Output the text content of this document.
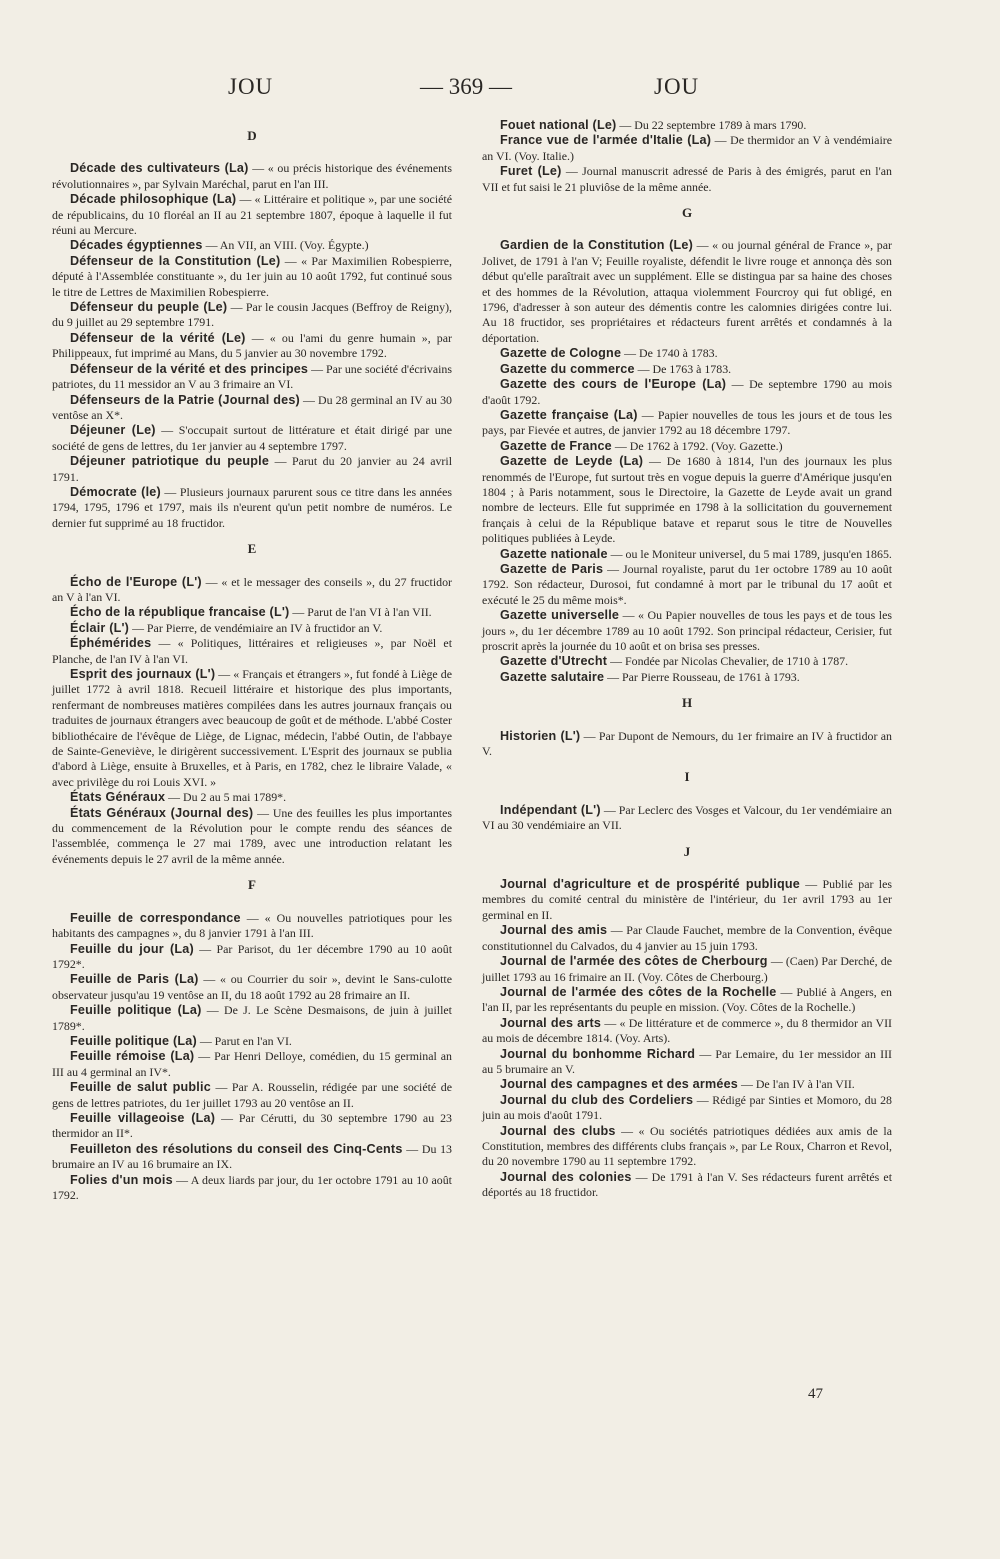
JOU	— 369 —	JOU
D

Décade des cultivateurs (La) — « ou précis historique des événements révolutionnaires », par Sylvain Maréchal, parut en l'an III.

Décade philosophique (La) — « Littéraire et politique », par une société de républicains, du 10 floréal an II au 21 septembre 1807, époque à laquelle il fut réuni au Mercure.

Décades égyptiennes — An VII, an VIII. (Voy. Égypte.)

Défenseur de la Constitution (Le) — « Par Maximilien Robespierre, député à l'Assemblée constituante », du 1er juin au 10 août 1792, fut continué sous le titre de Lettres de Maximilien Robespierre.

Défenseur du peuple (Le) — Par le cousin Jacques (Beffroy de Reigny), du 9 juillet au 29 septembre 1791.

Défenseur de la vérité (Le) — « ou l'ami du genre humain », par Philippeaux, fut imprimé au Mans, du 5 janvier au 30 novembre 1792.

Défenseur de la vérité et des principes — Par une société d'écrivains patriotes, du 11 messidor an V au 3 frimaire an VI.

Défenseurs de la Patrie (Journal des) — Du 28 germinal an IV au 30 ventôse an X*.

Déjeuner (Le) — S'occupait surtout de littérature et était dirigé par une société de gens de lettres, du 1er janvier au 4 septembre 1797.

Déjeuner patriotique du peuple — Parut du 20 janvier au 24 avril 1791.

Démocrate (le) — Plusieurs journaux parurent sous ce titre dans les années 1794, 1795, 1796 et 1797, mais ils n'eurent qu'un petit nombre de numéros. Le dernier fut supprimé au 18 fructidor.

E

Écho de l'Europe (L') — « et le messager des conseils », du 27 fructidor an V à l'an VI.

Écho de la république francaise (L') — Parut de l'an VI à l'an VII.

Éclair (L') — Par Pierre, de vendémiaire an IV à fructidor an V.

Éphémérides — « Politiques, littéraires et religieuses », par Noël et Planche, de l'an IV à l'an VI.

Esprit des journaux (L') — « Français et étrangers », fut fondé à Liège de juillet 1772 à avril 1818. Recueil littéraire et historique des plus importants, renfermant de nombreuses matières compilées dans les autres journaux français ou traduites de journaux étrangers avec beaucoup de goût et de méthode. L'abbé Coster bibliothécaire de l'évêque de Liège, de Lignac, médecin, l'abbé Outin, de l'abbaye de Sainte-Geneviève, le dirigèrent successivement. L'Esprit des journaux se publia d'abord à Liège, ensuite à Bruxelles, et à Paris, en 1782, chez le libraire Valade, « avec privilège du roi Louis XVI. »

États Généraux — Du 2 au 5 mai 1789*.

États Généraux (Journal des) — Une des feuilles les plus importantes du commencement de la Révolution pour le compte rendu des séances de l'assemblée, commença le 27 mai 1789, avec une introduction relatant les événements depuis le 27 avril de la même année.

F

Feuille de correspondance — « Ou nouvelles patriotiques pour les habitants des campagnes », du 8 janvier 1791 à l'an III.

Feuille du jour (La) — Par Parisot, du 1er décembre 1790 au 10 août 1792*.

Feuille de Paris (La) — « ou Courrier du soir », devint le Sans-culotte observateur jusqu'au 19 ventôse an II, du 18 août 1792 au 28 frimaire an II.

Feuille politique (La) — De J. Le Scène Desmaisons, de juin à juillet 1789*.

Feuille politique (La) — Parut en l'an VI.

Feuille rémoise (La) — Par Henri Delloye, comédien, du 15 germinal an III au 4 germinal an IV*.

Feuille de salut public — Par A. Rousselin, rédigée par une société de gens de lettres patriotes, du 1er juillet 1793 au 20 ventôse an II.

Feuille villageoise (La) — Par Cérutti, du 30 septembre 1790 au 23 thermidor an II*.

Feuilleton des résolutions du conseil des Cinq-Cents — Du 13 brumaire an IV au 16 brumaire an IX.

Folies d'un mois — A deux liards par jour, du 1er octobre 1791 au 10 août 1792.

Fouet national (Le) — Du 22 septembre 1789 à mars 1790.

France vue de l'armée d'Italie (La) — De thermidor an V à vendémiaire an VI. (Voy. Italie.)

Furet (Le) — Journal manuscrit adressé de Paris à des émigrés, parut en l'an VII et fut saisi le 21 pluviôse de la même année.

G

Gardien de la Constitution (Le) — « ou journal général de France », par Jolivet, de 1791 à l'an V; Feuille royaliste, défendit le livre rouge et annonça dès son début qu'elle paraîtrait avec un supplément. Elle se distingua par sa haine des choses et des hommes de la Révolution, attaqua violemment Fourcroy qui fut obligé, en 1796, d'adresser à son auteur des démentis contre les calomnies dirigées contre lui. Au 18 fructidor, ses propriétaires et rédacteurs furent arrêtés et condamnés à la déportation.

Gazette de Cologne — De 1740 à 1783.

Gazette du commerce — De 1763 à 1783.

Gazette des cours de l'Europe (La) — De septembre 1790 au mois d'août 1792.

Gazette française (La) — Papier nouvelles de tous les jours et de tous les pays, par Fievée et autres, de janvier 1792 au 18 décembre 1797.

Gazette de France — De 1762 à 1792. (Voy. Gazette.)

Gazette de Leyde (La) — De 1680 à 1814, l'un des journaux les plus renommés de l'Europe, fut surtout très en vogue depuis la guerre d'Amérique jusqu'en 1804 ; à Paris notamment, sous le Directoire, la Gazette de Leyde avait un grand nombre de lecteurs. Elle fut supprimée en 1798 à la sollicitation du gouvernement français à celui de la République batave et reparut sous le titre de Nouvelles politiques publiées à Leyde.

Gazette nationale — ou le Moniteur universel, du 5 mai 1789, jusqu'en 1865.

Gazette de Paris — Journal royaliste, parut du 1er octobre 1789 au 10 août 1792. Son rédacteur, Durosoi, fut condamné à mort par le tribunal du 17 août et exécuté le 25 du même mois*.

Gazette universelle — « Ou Papier nouvelles de tous les pays et de tous les jours », du 1er décembre 1789 au 10 août 1792. Son principal rédacteur, Cerisier, fut proscrit après la journée du 10 août et on brisa ses presses.

Gazette d'Utrecht — Fondée par Nicolas Chevalier, de 1710 à 1787.

Gazette salutaire — Par Pierre Rousseau, de 1761 à 1793.

H

Historien (L') — Par Dupont de Nemours, du 1er frimaire an IV à fructidor an V.

I

Indépendant (L') — Par Leclerc des Vosges et Valcour, du 1er vendémiaire an VI au 30 vendémiaire an VII.

J

Journal d'agriculture et de prospérité publique — Publié par les membres du comité central du ministère de l'intérieur, du 1er avril 1793 au 1er germinal en II.

Journal des amis — Par Claude Fauchet, membre de la Convention, évêque constitutionnel du Calvados, du 4 janvier au 15 juin 1793.

Journal de l'armée des côtes de Cherbourg — (Caen) Par Derché, de juillet 1793 au 16 frimaire an II. (Voy. Côtes de Cherbourg.)

Journal de l'armée des côtes de la Rochelle — Publié à Angers, en l'an II, par les représentants du peuple en mission. (Voy. Côtes de la Rochelle.)

Journal des arts — « De littérature et de commerce », du 8 thermidor an VII au mois de décembre 1814. (Voy. Arts).

Journal du bonhomme Richard — Par Lemaire, du 1er messidor an III au 5 brumaire an V.

Journal des campagnes et des armées — De l'an IV à l'an VII.

Journal du club des Cordeliers — Rédigé par Sinties et Momoro, du 28 juin au mois d'août 1791.

Journal des clubs — « Ou sociétés patriotiques dédiées aux amis de la Constitution, membres des différents clubs français », par Le Roux, Charron et Revol, du 20 novembre 1790 au 11 septembre 1792.

Journal des colonies — De 1791 à l'an V. Ses rédacteurs furent arrêtés et déportés au 18 fructidor.

47
